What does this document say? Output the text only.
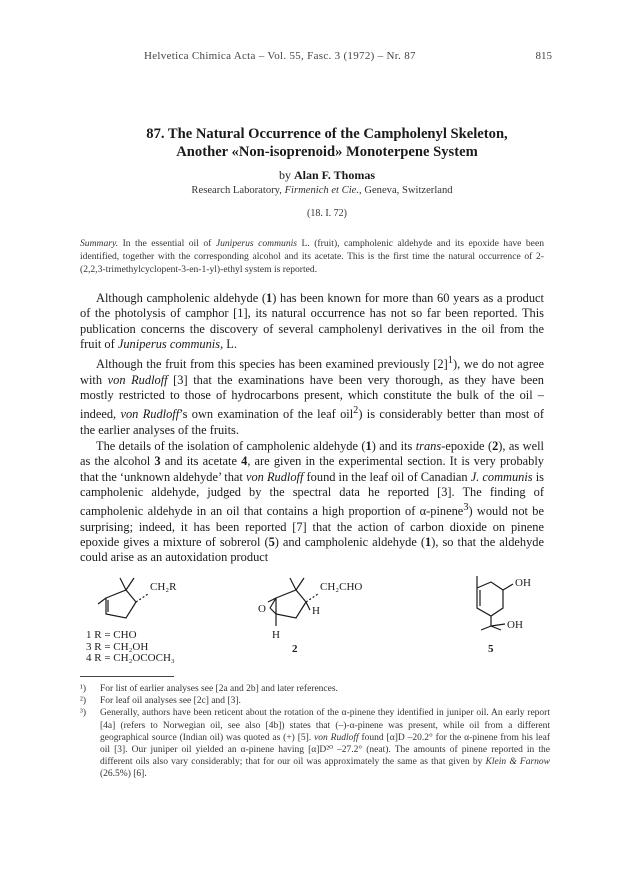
Helvetica Chimica Acta – Vol. 55, Fasc. 3 (1972) – Nr. 87	815
87. The Natural Occurrence of the Campholenyl Skeleton,
Another «Non-isoprenoid» Monoterpene System
by Alan F. Thomas
Research Laboratory, Firmenich et Cie., Geneva, Switzerland
(18. I. 72)
Summary. In the essential oil of Juniperus communis L. (fruit), campholenic aldehyde and its epoxide have been identified, together with the corresponding alcohol and its acetate. This is the first time the natural occurrence of 2-(2,2,3-trimethylcyclopent-3-en-1-yl)-ethyl system is reported.

Although campholenic aldehyde (1) has been known for more than 60 years as a product of the photolysis of camphor [1], its natural occurrence has not so far been reported. This publication concerns the discovery of several campholenyl derivatives in the oil from the fruit of Juniperus communis, L.

Although the fruit from this species has been examined previously $[2]^1$), we do not agree with von Rudloff [3] that the examinations have been very thorough, as they have been mostly restricted to those of hydrocarbons present, which constitute the bulk of the oil – indeed, von Rudloff’s own examination of the leaf oil$^2$) is considerably better than most of the earlier analyses of the fruits.

The details of the isolation of campholenic aldehyde (1) and its trans-epoxide (2), as well as the alcohol 3 and its acetate 4, are given in the experimental section. It is very probably that the ‘unknown aldehyde’ that von Rudloff found in the leaf oil of Canadian J. communis is campholenic aldehyde, judged by the spectral data he reported [3]. The finding of campholenic aldehyde in an oil that contains a high proportion of α-pinene$^3$) would not be surprising; indeed, it has been reported [7] that the action of carbon dioxide on pinene epoxide gives a mixture of sobrerol (5) and campholenic aldehyde (1), so that the aldehyde could arise as an autoxidation product

CH₂R
1 R = CHO
3 R = CH₂OH
4 R = CH₂OCOCH₃
CH₂CHO
O	H
H
2
OH
OH
5
¹) For list of earlier analyses see [2a and 2b] and later references.
²) For leaf oil analyses see [2c] and [3].
³) Generally, authors have been reticent about the rotation of the α-pinene they identified in juniper oil. An early report [4a] (refers to Norwegian oil, see also [4b]) states that (–)-α-pinene was present, while oil from a different geographical source (Indian oil) was quoted as (+) [5]. von Rudloff found [α]D –20.2° for the α-pinene from his leaf oil [3]. Our juniper oil yielded an α-pinene having [α]D²⁰ –27.2° (neat). The amounts of pinene reported in the different oils also vary considerably; that for our oil was approximately the same as that given by Klein & Farnow (26.5%) [6].
